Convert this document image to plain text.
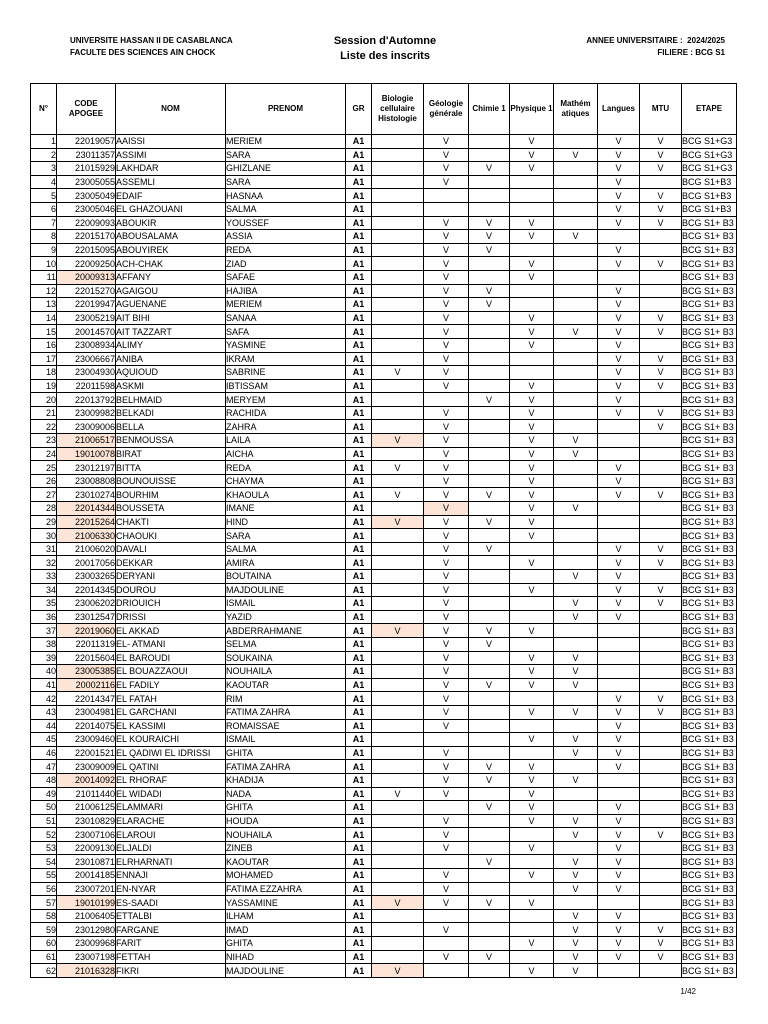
UNIVERSITE HASSAN II DE CASABLANCA
FACULTE DES SCIENCES AIN CHOCK
Session d'Automne
Liste des inscrits
ANNEE UNIVERSITAIRE : 2024/2025
FILIERE : BCG S1
N°	CODE APOGEE	NOM	PRENOM	GR	Biologie cellulaire Histologie	Géologie générale	Chimie 1	Physique 1	Mathém atiques	Langues	MTU	ETAPE
1	22019057	AAISSI	MERIEM	A1		V		V		V	V	BCG S1+G3
2	23011357	ASSIMI	SARA	A1		V		V	V	V	V	BCG S1+G3
3	21015929	LAKHDAR	GHIZLANE	A1		V	V	V		V	V	BCG S1+G3
4	23005055	ASSEMLI	SARA	A1		V				V		BCG S1+B3
5	23005049	EDAIF	HASNAA	A1						V	V	BCG S1+B3
6	23005046	EL GHAZOUANI	SALMA	A1						V	V	BCG S1+B3
7	22009093	ABOUKIR	YOUSSEF	A1		V	V	V		V	V	BCG S1+ B3
8	22015170	ABOUSALAMA	ASSIA	A1		V	V	V	V			BCG S1+ B3
9	22015095	ABOUYIREK	REDA	A1		V	V			V		BCG S1+ B3
10	22009250	ACH-CHAK	ZIAD	A1		V		V		V	V	BCG S1+ B3
11	20009313	AFFANY	SAFAE	A1		V		V				BCG S1+ B3
12	22015270	AGAIGOU	HAJIBA	A1		V	V			V		BCG S1+ B3
13	22019947	AGUENANE	MERIEM	A1		V	V			V		BCG S1+ B3
14	23005219	AIT BIHI	SANAA	A1		V		V		V	V	BCG S1+ B3
15	20014570	AIT TAZZART	SAFA	A1		V		V	V	V	V	BCG S1+ B3
16	23008934	ALIMY	YASMINE	A1		V		V		V		BCG S1+ B3
17	23006667	ANIBA	IKRAM	A1		V				V	V	BCG S1+ B3
18	23004930	AQUIOUD	SABRINE	A1	V	V				V	V	BCG S1+ B3
19	22011598	ASKMI	IBTISSAM	A1		V		V		V	V	BCG S1+ B3
20	22013792	BELHMAID	MERYEM	A1			V	V		V		BCG S1+ B3
21	23009982	BELKADI	RACHIDA	A1		V		V		V	V	BCG S1+ B3
22	23009006	BELLA	ZAHRA	A1		V		V			V	BCG S1+ B3
23	21006517	BENMOUSSA	LAILA	A1	V	V		V	V			BCG S1+ B3
24	19010078	BIRAT	AICHA	A1		V		V	V			BCG S1+ B3
25	23012197	BITTA	REDA	A1	V	V		V		V		BCG S1+ B3
26	23008808	BOUNOUISSE	CHAYMA	A1		V		V		V		BCG S1+ B3
27	23010274	BOURHIM	KHAOULA	A1	V	V	V	V		V	V	BCG S1+ B3
28	22014344	BOUSSETA	IMANE	A1		V		V	V			BCG S1+ B3
29	22015264	CHAKTI	HIND	A1	V	V	V	V				BCG S1+ B3
30	21006330	CHAOUKI	SARA	A1		V		V				BCG S1+ B3
31	21006020	DAVALI	SALMA	A1		V	V			V	V	BCG S1+ B3
32	20017056	DEKKAR	AMIRA	A1		V		V		V	V	BCG S1+ B3
33	23003265	DERYANI	BOUTAINA	A1		V			V	V		BCG S1+ B3
34	22014345	DOUROU	MAJDOULINE	A1		V		V		V	V	BCG S1+ B3
35	23006202	DRIOUICH	ISMAIL	A1		V			V	V	V	BCG S1+ B3
36	23012547	DRISSI	YAZID	A1		V			V	V		BCG S1+ B3
37	22019060	EL AKKAD	ABDERRAHMANE	A1	V	V	V	V				BCG S1+ B3
38	22011319	EL- ATMANI	SELMA	A1		V	V					BCG S1+ B3
39	22015604	EL BAROUDI	SOUKAINA	A1		V		V	V			BCG S1+ B3
40	23005385	EL BOUAZZAOUI	NOUHAILA	A1		V		V	V			BCG S1+ B3
41	20002116	EL FADILY	KAOUTAR	A1		V	V	V	V			BCG S1+ B3
42	22014347	EL FATAH	RIM	A1		V				V	V	BCG S1+ B3
43	23004981	EL GARCHANI	FATIMA ZAHRA	A1		V		V	V	V	V	BCG S1+ B3
44	22014075	EL KASSIMI	ROMAISSAE	A1		V				V		BCG S1+ B3
45	23009460	EL KOURAICHI	ISMAIL	A1				V	V	V		BCG S1+ B3
46	22001521	EL QADIWI EL IDRISSI	GHITA	A1		V			V	V		BCG S1+ B3
47	23009009	EL QATINI	FATIMA ZAHRA	A1		V	V	V		V		BCG S1+ B3
48	20014092	EL RHORAF	KHADIJA	A1		V	V	V	V			BCG S1+ B3
49	21011440	EL WIDADI	NADA	A1	V	V		V				BCG S1+ B3
50	21006125	ELAMMARI	GHITA	A1			V	V		V		BCG S1+ B3
51	23010829	ELARACHE	HOUDA	A1		V		V	V	V		BCG S1+ B3
52	23007106	ELAROUI	NOUHAILA	A1		V			V	V	V	BCG S1+ B3
53	22009130	ELJALDI	ZINEB	A1		V		V		V		BCG S1+ B3
54	23010871	ELRHARNATI	KAOUTAR	A1			V		V	V		BCG S1+ B3
55	20014185	ENNAJI	MOHAMED	A1		V		V	V	V		BCG S1+ B3
56	23007201	EN-NYAR	FATIMA EZZAHRA	A1		V			V	V		BCG S1+ B3
57	19010199	ES-SAADI	YASSAMINE	A1	V	V	V	V				BCG S1+ B3
58	21006405	ETTALBI	ILHAM	A1					V	V		BCG S1+ B3
59	23012980	FARGANE	IMAD	A1		V			V	V	V	BCG S1+ B3
60	23009968	FARIT	GHITA	A1				V	V	V	V	BCG S1+ B3
61	23007198	FETTAH	NIHAD	A1		V	V		V	V	V	BCG S1+ B3
62	21016328	FIKRI	MAJDOULINE	A1	V			V	V			BCG S1+ B3
1/42
